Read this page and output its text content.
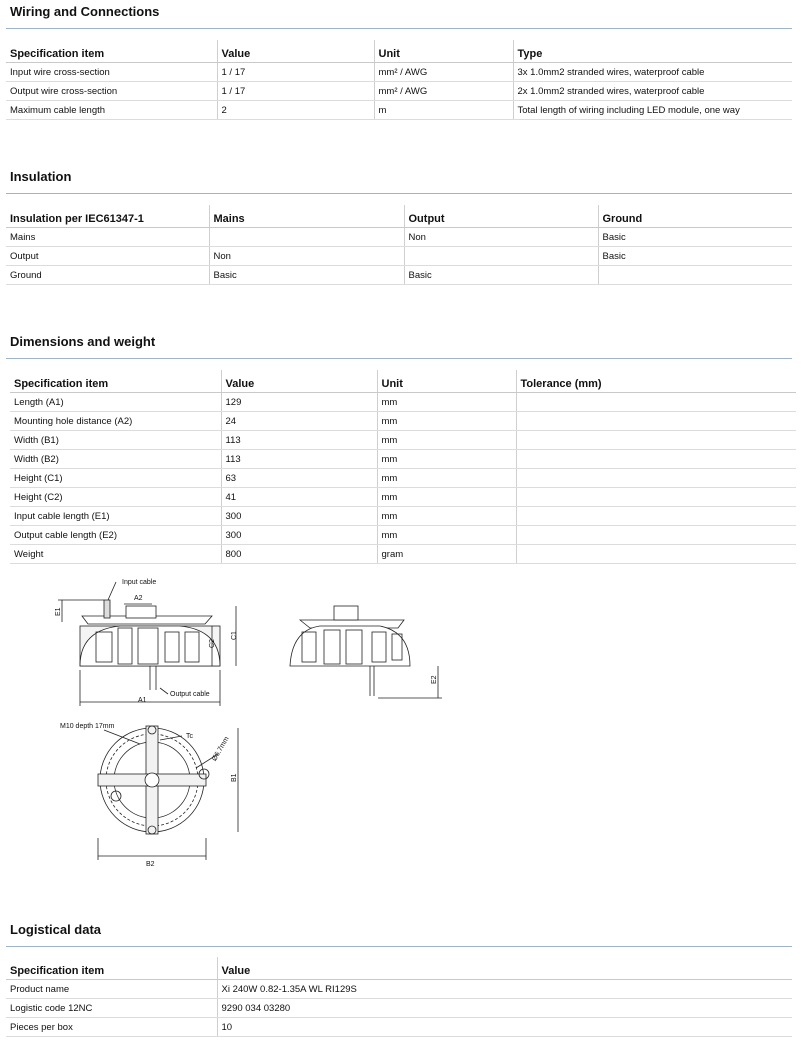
Wiring and Connections
Specification item	Value	Unit	Type
Input wire cross-section	1 / 17	mm² / AWG	3x 1.0mm2 stranded wires, waterproof cable
Output wire cross-section	1 / 17	mm² / AWG	2x 1.0mm2 stranded wires, waterproof cable
Maximum cable length	2	m	Total length of wiring including LED module, one way
Insulation
Insulation per IEC61347-1	Mains	Output	Ground
Mains		Non	Basic
Output	Non		Basic
Ground	Basic	Basic	
Dimensions and weight
Specification item	Value	Unit	Tolerance (mm)
Length (A1)	129	mm	
Mounting hole distance (A2)	24	mm	
Width (B1)	113	mm	
Width (B2)	113	mm	
Height (C1)	63	mm	
Height (C2)	41	mm	
Input cable length (E1)	300	mm	
Output cable length (E2)	300	mm	
Weight	800	gram	
Input cable
A2
A1
Output cable
C1
C2
E1
E2
M10 depth 17mm
Tc	Ø6.7mm
B1
B2
Logistical data
Specification item	Value
Product name	Xi 240W 0.82-1.35A WL RI129S
Logistic code 12NC	9290 034 03280
Pieces per box	10
